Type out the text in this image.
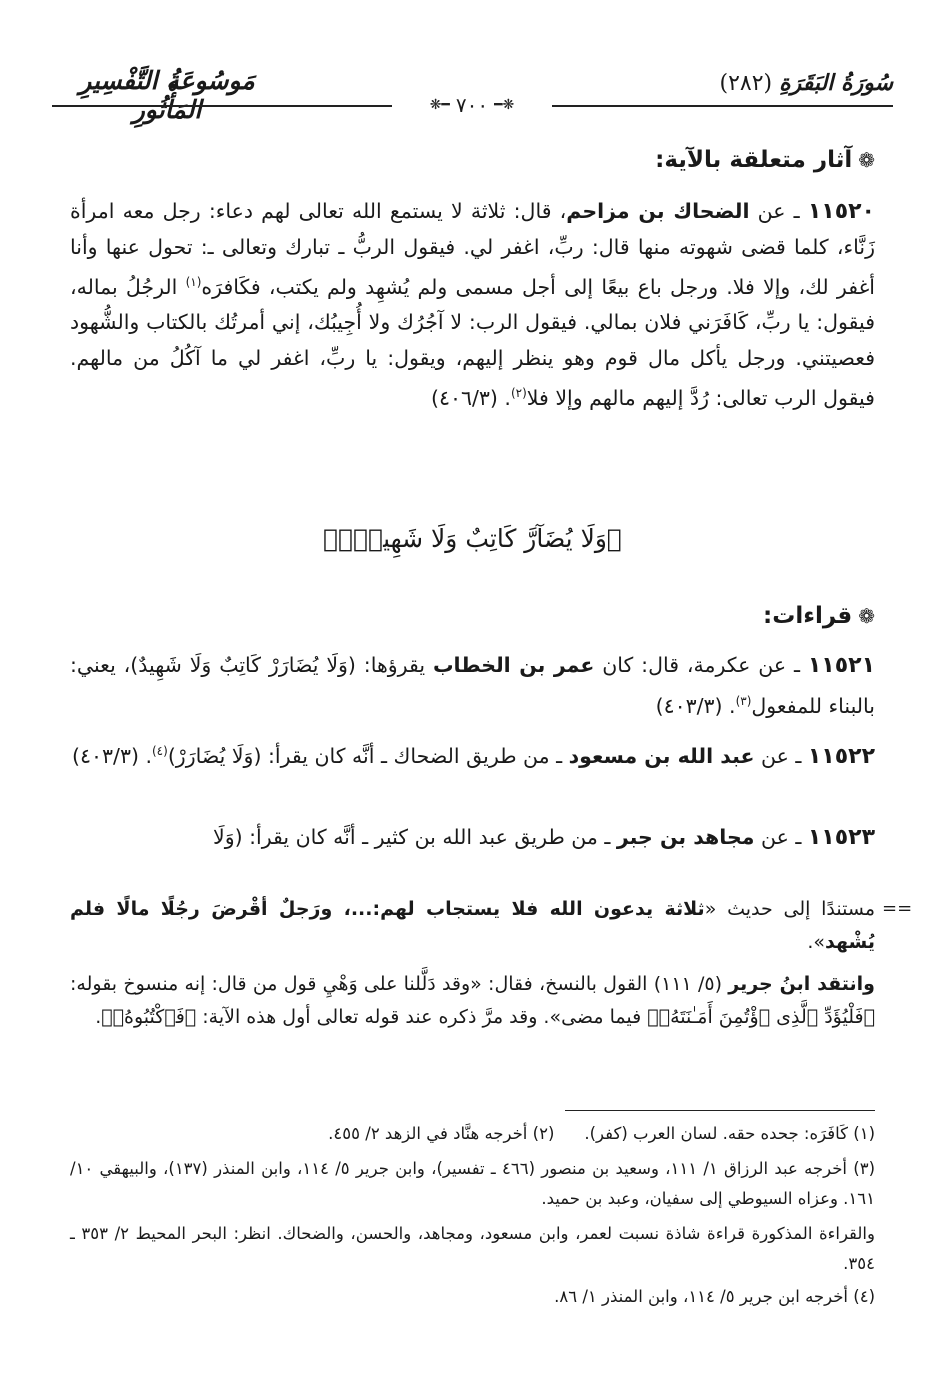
مَوسُوعَةُ التَّفْسِيرِ المَأْثُورِ
سُورَةُ البَقَرَةِ (٢٨٢)
❋━ ٧٠٠ ━❋
❁آثار متعلقة بالآية:
١١٥٢٠ ـ عن الضحاك بن مزاحم، قال: ثلاثة لا يستمع الله تعالى لهم دعاء: رجل معه امرأة زَنَّاء، كلما قضى شهوته منها قال: ربِّ، اغفر لي. فيقول الربُّ ـ تبارك وتعالى ـ: تحول عنها وأنا أغفر لك، وإلا فلا. ورجل باع بيعًا إلى أجل مسمى ولم يُشهِد ولم يكتب، فكَافرَه$^{(١)}$ الرجُلُ بماله، فيقول: يا ربِّ، كَافَرَني فلان بمالي. فيقول الرب: لا آجُرُك ولا أُجِيبُك، إني أمرتُك بالكتاب والشُّهود فعصيتني. ورجل يأكل مال قوم وهو ينظر إليهم، ويقول: يا ربِّ، اغفر لي ما آكُلُ من مالهم. فيقول الرب تعالى: رُدَّ إليهم مالهم وإلا فلا$^{(٢)}$. (٤٠٦/٣)
﴿وَلَا يُضَآرَّ كَاتِبٌ وَلَا شَهِيدٌۚ﴾
❁قراءات:
١١٥٢١ ـ عن عكرمة، قال: كان عمر بن الخطاب يقرؤها: (وَلَا يُضَارَرْ كَاتِبٌ وَلَا شَهِيدٌ)، يعني: بالبناء للمفعول$^{(٣)}$. (٤٠٣/٣)
١١٥٢٢ ـ عن عبد الله بن مسعود ـ من طريق الضحاك ـ أنَّه كان يقرأ: (وَلَا يُضَارَرْ)$^{(٤)}$. (٤٠٣/٣)
١١٥٢٣ ـ عن مجاهد بن جبر ـ من طريق عبد الله بن كثير ـ أنَّه كان يقرأ: (وَلَا
==
مستندًا إلى حديث «ثلاثة يدعون الله فلا يستجاب لهم:...، ورَجلٌ أقْرضَ رجُلًا مالًا فلم يُشْهد».
وانتقد ابنُ جرير (٥/ ١١١) القول بالنسخ، فقال: «وقد دَلَّلنا على وَهْيِ قول من قال: إنه منسوخ بقوله: ﴿فَلْيُؤَدِّ ٱلَّذِى ٱؤْتُمِنَ أَمَـٰنَتَهُۥ﴾ فيما مضى». وقد مرَّ ذكره عند قوله تعالى أول هذه الآية: ﴿فَٱكْتُبُوهُۚ﴾.
(١) كَافَرَه: جحده حقه. لسان العرب (كفر).
(٢) أخرجه هنَّاد في الزهد ٢/ ٤٥٥.
(٣) أخرجه عبد الرزاق ١/ ١١١، وسعيد بن منصور (٤٦٦ ـ تفسير)، وابن جرير ٥/ ١١٤، وابن المنذر (١٣٧)، والبيهقي ١٠/ ١٦١. وعزاه السيوطي إلى سفيان، وعبد بن حميد.
والقراءة المذكورة قراءة شاذة نسبت لعمر، وابن مسعود، ومجاهد، والحسن، والضحاك. انظر: البحر المحيط ٢/ ٣٥٣ ـ ٣٥٤.
(٤) أخرجه ابن جرير ٥/ ١١٤، وابن المنذر ١/ ٨٦.
